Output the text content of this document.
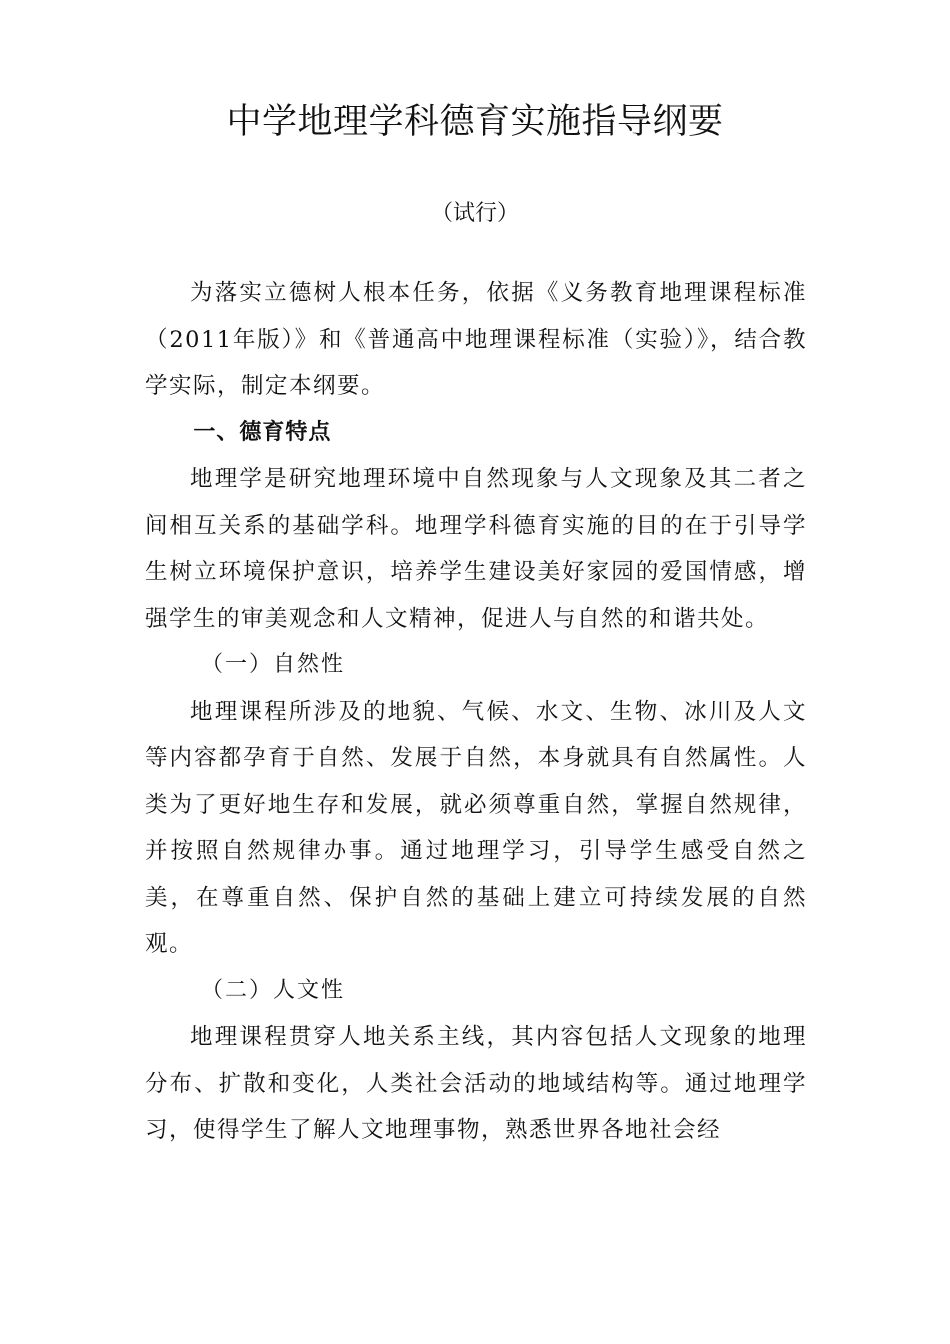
中学地理学科德育实施指导纲要

（试行）

为落实立德树人根本任务，依据《义务教育地理课程标准（2011年版）》和《普通高中地理课程标准（实验）》，结合教学实际，制定本纲要。

一、德育特点

地理学是研究地理环境中自然现象与人文现象及其二者之间相互关系的基础学科。地理学科德育实施的目的在于引导学生树立环境保护意识，培养学生建设美好家园的爱国情感，增强学生的审美观念和人文精神，促进人与自然的和谐共处。

（一）自然性

地理课程所涉及的地貌、气候、水文、生物、冰川及人文等内容都孕育于自然、发展于自然，本身就具有自然属性。人类为了更好地生存和发展，就必须尊重自然，掌握自然规律，并按照自然规律办事。通过地理学习，引导学生感受自然之美，在尊重自然、保护自然的基础上建立可持续发展的自然观。

（二）人文性

地理课程贯穿人地关系主线，其内容包括人文现象的地理分布、扩散和变化，人类社会活动的地域结构等。通过地理学习，使得学生了解人文地理事物，熟悉世界各地社会经
